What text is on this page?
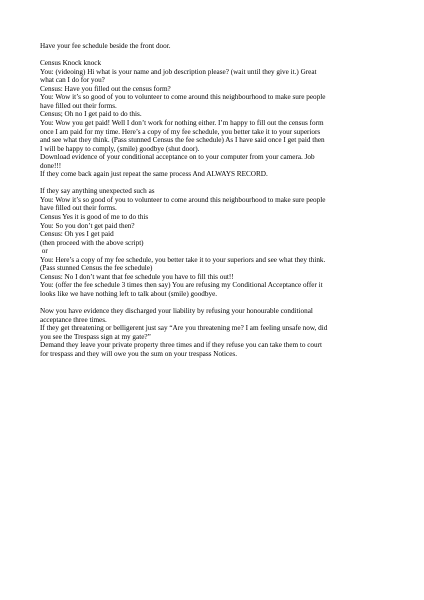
Have your fee schedule beside the front door.
Census Knock knock
You: (videoing) Hi what is your name and job description please? (wait until they give it.) Great
what can I do for you?
Census: Have you filled out the census form?
You: Wow it’s so good of you to volunteer to come around this neighbourhood to make sure people
have filled out their forms.
Census; Oh no I get paid to do this.
You: Wow you get paid! Well I don’t work for nothing either. I’m happy to fill out the census form
once I am paid for my time. Here’s a copy of my fee schedule, you better take it to your superiors
and see what they think. (Pass stunned Census the fee schedule) As I have said once I get paid then
I will be happy to comply, (smile) goodbye (shut door).
Download evidence of your conditional acceptance on to your computer from your camera. Job
done!!!
If they come back again just repeat the same process And ALWAYS RECORD.
If they say anything unexpected such as
You: Wow it’s so good of you to volunteer to come around this neighbourhood to make sure people
have filled out their forms.
Census Yes it is good of me to do this
You: So you don’t get paid then?
Census: Oh yes I get paid
(then proceed with the above script)
or
You: Here’s a copy of my fee schedule, you better take it to your superiors and see what they think.
(Pass stunned Census the fee schedule)
Census: No I don’t want that fee schedule you have to fill this out!!
You: (offer the fee schedule 3 times then say) You are refusing my Conditional Acceptance offer it
looks like we have nothing left to talk about (smile) goodbye.
Now you have evidence they discharged your liability by refusing your honourable conditional
acceptance three times.
If they get threatening or belligerent just say “Are you threatening me? I am feeling unsafe now, did
you see the Trespass sign at my gate?”
Demand they leave your private property three times and if they refuse you can take them to court
for trespass and they will owe you the sum on your trespass Notices.
